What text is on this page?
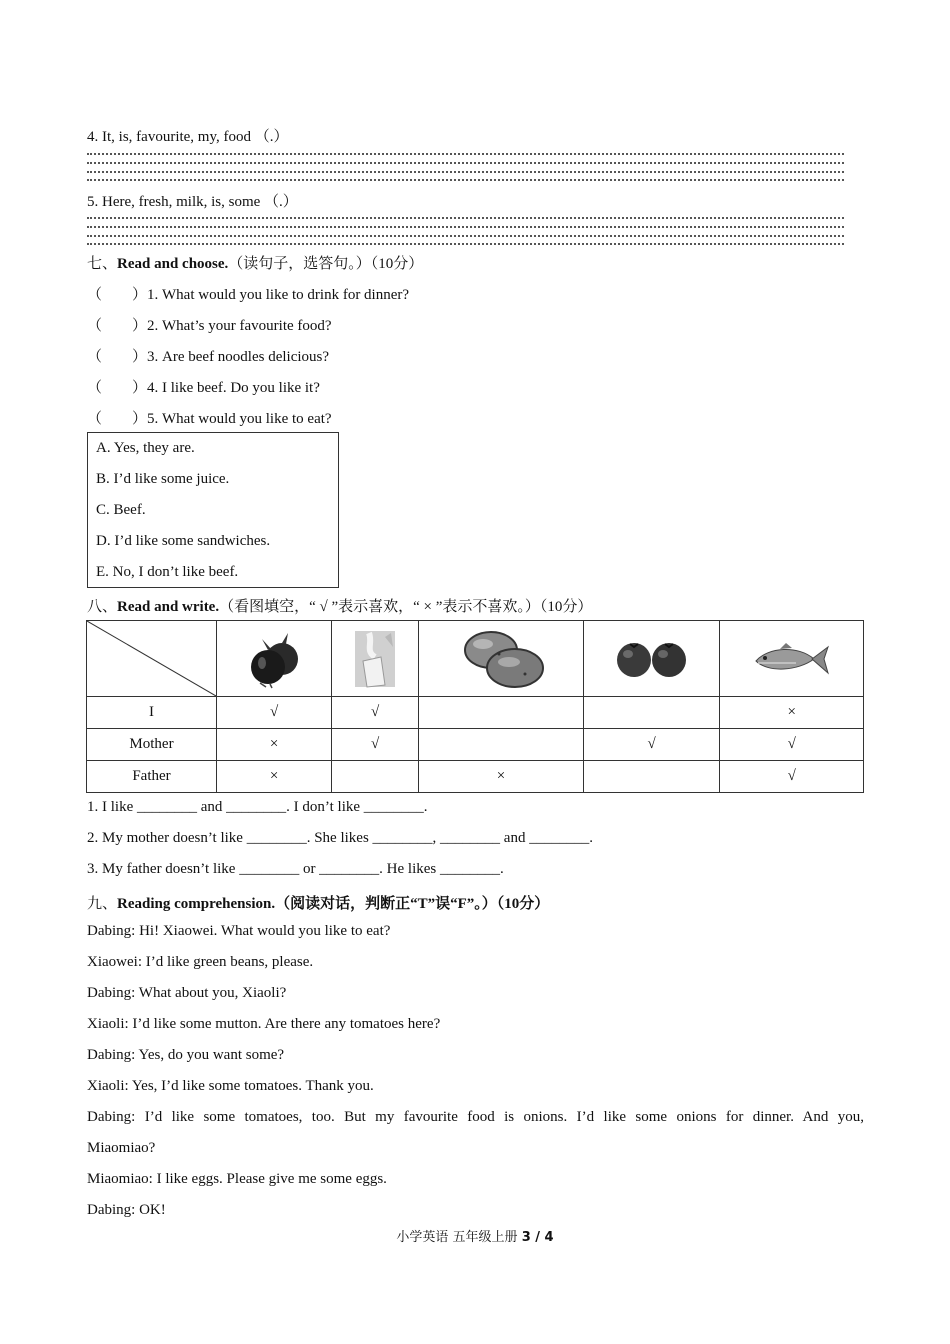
4. It, is, favourite, my, food （.）
5. Here, fresh, milk, is, some （.）
七、Read and choose.（读句子，选答句。）（10分）
（　　）1. What would you like to drink for dinner?
（　　）2. What’s your favourite food?
（　　）3. Are beef noodles delicious?
（　　）4. I like beef. Do you like it?
（　　）5. What would you like to eat?
A. Yes, they are.
B. I’d like some juice.
C. Beef.
D. I’d like some sandwiches.
E. No, I don’t like beef.
八、Read and write.（看图填空，“ √ ”表示喜欢，“ × ”表示不喜欢。）（10分）

I	√	√			×
Mother	×	√		√	√
Father	×		×		√
1. I like ________ and ________. I don’t like ________.
2. My mother doesn’t like ________. She likes ________, ________ and ________.
3. My father doesn’t like ________ or ________. He likes ________.
九、Reading comprehension.（阅读对话，判断正“T”误“F”。）（10分）
Dabing: Hi! Xiaowei. What would you like to eat?
Xiaowei: I’d like green beans, please.
Dabing: What about you, Xiaoli?
Xiaoli: I’d like some mutton. Are there any tomatoes here?
Dabing: Yes, do you want some?
Xiaoli: Yes, I’d like some tomatoes. Thank you.
Dabing: I’d like some tomatoes, too. But my favourite food is onions. I’d like some onions for dinner. And you,
Miaomiao?
Miaomiao: I like eggs. Please give me some eggs.
Dabing: OK!
小学英语 五年级上册 3 / 4
